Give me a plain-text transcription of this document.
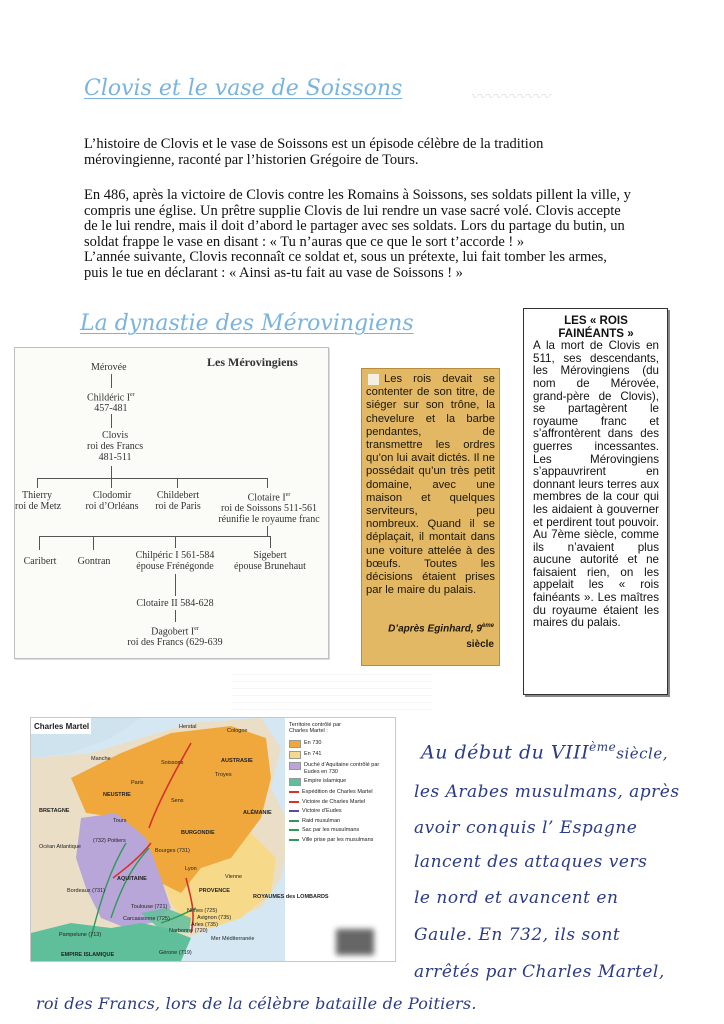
〰〰〰〰〰
Clovis et le vase de Soissons
L’histoire de Clovis et le vase de Soissons est un épisode célèbre de la tradition
mérovingienne, raconté par l’historien Grégoire de Tours.
En 486, après la victoire de Clovis contre les Romains à Soissons, ses soldats pillent la ville, y
compris une église. Un prêtre supplie Clovis de lui rendre un vase sacré volé. Clovis accepte
de le lui rendre, mais il doit d’abord le partager avec ses soldats. Lors du partage du butin, un
soldat frappe le vase en disant : « Tu n’auras que ce que le sort t’accorde ! »
L’année suivante, Clovis reconnaît ce soldat et, sous un prétexte, lui fait tomber les armes,
puis le tue en déclarant : « Ainsi as-tu fait au vase de Soissons ! »
La dynastie des Mérovingiens
Les Mérovingiens
Mérovée
Childéric Ier
457-481
Clovis
roi des Francs
481-511
Thierry
roi de Metz
Clodomir
roi d’Orléans
Childebert
roi de Paris
Clotaire Ier
roi de Soissons 511-561
réunifie le royaume franc
Caribert Gontran
Chilpéric I 561-584
épouse Frénégonde
Sigebert
épouse Brunehaut
Clotaire II 584-628
Dagobert Ier
roi des Francs (629-639
Les rois devait se contenter de son titre, de siéger sur son trône, la chevelure et la barbe pendantes, de transmettre les ordres qu’on lui avait dictés. Il ne possédait qu’un très petit domaine, avec une maison et quelques serviteurs, peu nombreux. Quand il se déplaçait, il montait dans une voiture attelée à des bœufs. Toutes les décisions étaient prises par le maire du palais.
D’après Eginhard, 9ème
siècle
LES « ROIS FAINÉANTS »
A la mort de Clovis en 511, ses descendants, les Mérovingiens (du nom de Mérovée, grand-père de Clovis), se partagèrent le royaume franc et s’affrontèrent dans des guerres incessantes. Les Mérovingiens s’appauvrirent en donnant leurs terres aux membres de la cour qui les aidaient à gouverner et perdirent tout pouvoir. Au 7ème siècle, comme ils n’avaient plus aucune autorité et ne faisaient rien, on les appelait les « rois fainéants ». Les maîtres du royaume étaient les maires du palais.
Charles Martel	Territoire contrôlé par
Charles Martel :
En 730
En 741
Duché d’Aquitaine contrôlé par Eudes en 730
Empire islamique
Expédition de Charles Martel
Victoire de Charles Martel
Victoire d’Eudes
Raid musulman
Sac par les musulmans
Ville prise par les musulmans
Herstal
Cologne
Manche
Soissons	AUSTRASIE
Troyes
Paris
NEUSTRIE
Sens
ALÉMANIE
BRETAGNE
Tours
BURGONDIE
(732) Poitiers
Bourges (731)
Océan Atlantique
Lyon
AQUITAINE	Vienne
Bordeaux (731)	PROVENCE
ROYAUMES des LOMBARDS
Toulouse (721)
Nîmes (725)
Avignon (735)
Arles (735)
Carcassonne (725)
Narbonne (720)
Pampelune (713)
Mer Méditerranée
Gérone (719)
EMPIRE ISLAMIQUE
Au début du VIIIèmesiècle,
les Arabes musulmans, après
avoir conquis l’ Espagne
lancent des attaques vers
le nord et avancent en
Gaule. En 732, ils sont
arrêtés par Charles Martel,
roi des Francs, lors de la célèbre bataille de Poitiers.
